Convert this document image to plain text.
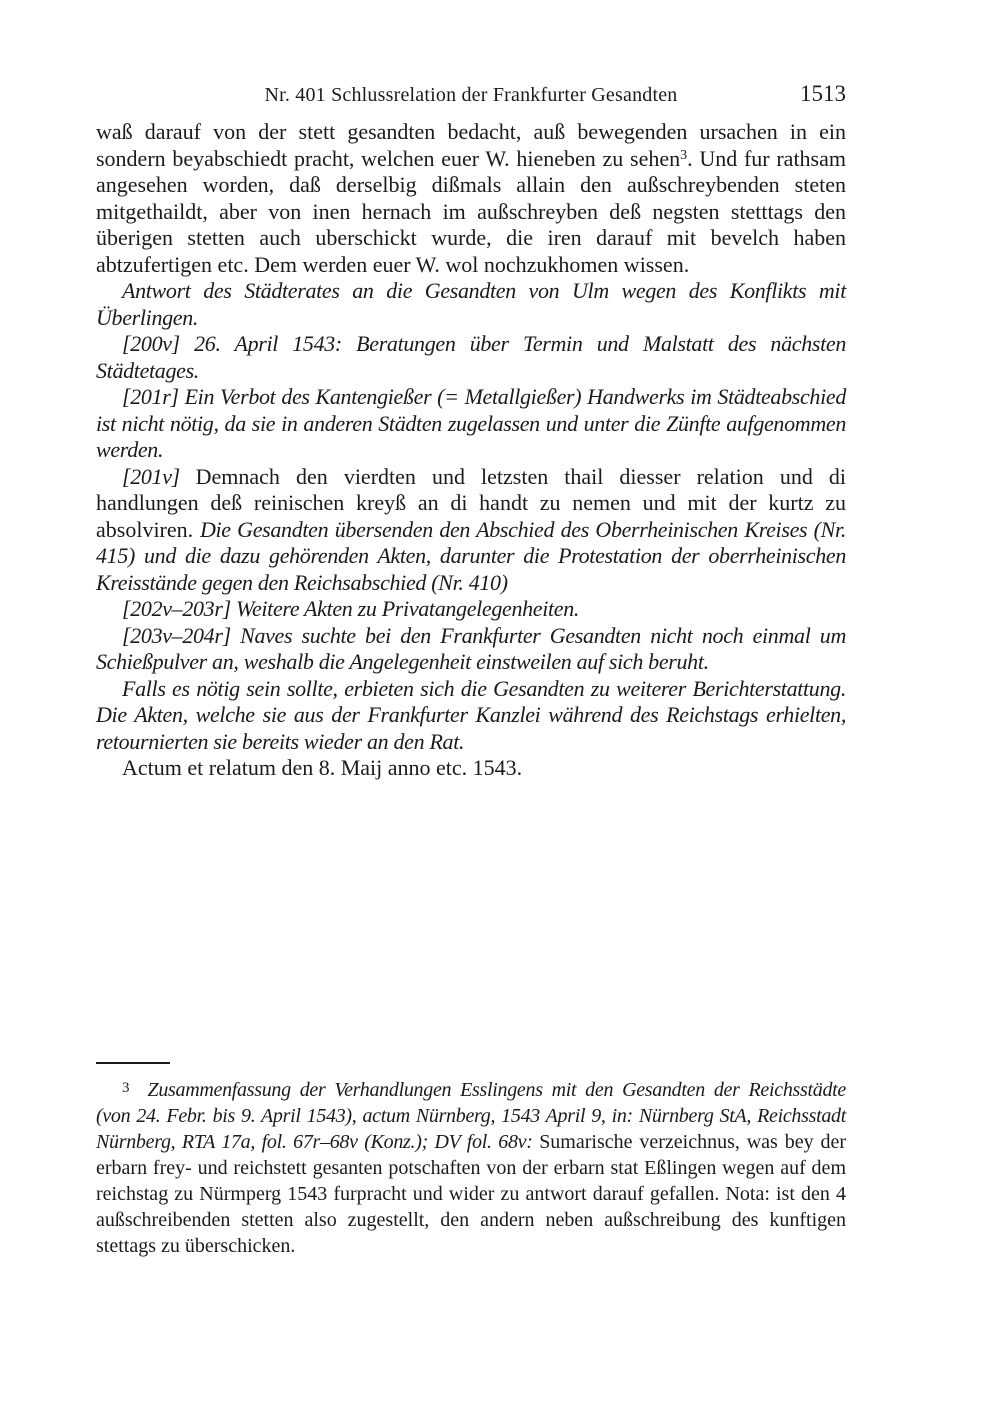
Nr. 401 Schlussrelation der Frankfurter Gesandten	1513

waß darauf von der stett gesandten bedacht, auß bewegenden ursachen in ein sondern beyabschiedt pracht, welchen euer W. hieneben zu sehen$^3$. Und fur rathsam angesehen worden, daß derselbig dißmals allain den außschreybenden steten mitgethaildt, aber von inen hernach im außschreyben deß negsten stetttags den überigen stetten auch uberschickt wurde, die iren darauf mit bevelch haben abtzufertigen etc. Dem werden euer W. wol nochzukhomen wissen.

Antwort des Städterates an die Gesandten von Ulm wegen des Konflikts mit Überlingen.

[200v] 26. April 1543: Beratungen über Termin und Malstatt des nächsten Städtetages.

[201r] Ein Verbot des Kantengießer (= Metallgießer) Handwerks im Städteabschied ist nicht nötig, da sie in anderen Städten zugelassen und unter die Zünfte aufgenommen werden.

[201v] Demnach den vierdten und letzsten thail diesser relation und di handlungen deß reinischen kreyß an di handt zu nemen und mit der kurtz zu absolviren. Die Gesandten übersenden den Abschied des Oberrheinischen Kreises (Nr. 415) und die dazu gehörenden Akten, darunter die Protestation der oberrheinischen Kreisstände gegen den Reichsabschied (Nr. 410)

[202v–203r] Weitere Akten zu Privatangelegenheiten.

[203v–204r] Naves suchte bei den Frankfurter Gesandten nicht noch einmal um Schießpulver an, weshalb die Angelegenheit einstweilen auf sich beruht.

Falls es nötig sein sollte, erbieten sich die Gesandten zu weiterer Berichterstattung. Die Akten, welche sie aus der Frankfurter Kanzlei während des Reichstags erhielten, retournierten sie bereits wieder an den Rat.

Actum et relatum den 8. Maij anno etc. 1543.

$^3$ Zusammenfassung der Verhandlungen Esslingens mit den Gesandten der Reichsstädte (von 24. Febr. bis 9. April 1543), actum Nürnberg, 1543 April 9, in: Nürnberg StA, Reichsstadt Nürnberg, RTA 17a, fol. 67r–68v (Konz.); DV fol. 68v: Sumarische verzeichnus, was bey der erbarn frey- und reichstett gesanten potschaften von der erbarn stat Eßlingen wegen auf dem reichstag zu Nürmperg 1543 furpracht und wider zu antwort darauf gefallen. Nota: ist den 4 außschreibenden stetten also zugestellt, den andern neben außschreibung des kunftigen stettags zu überschicken.
